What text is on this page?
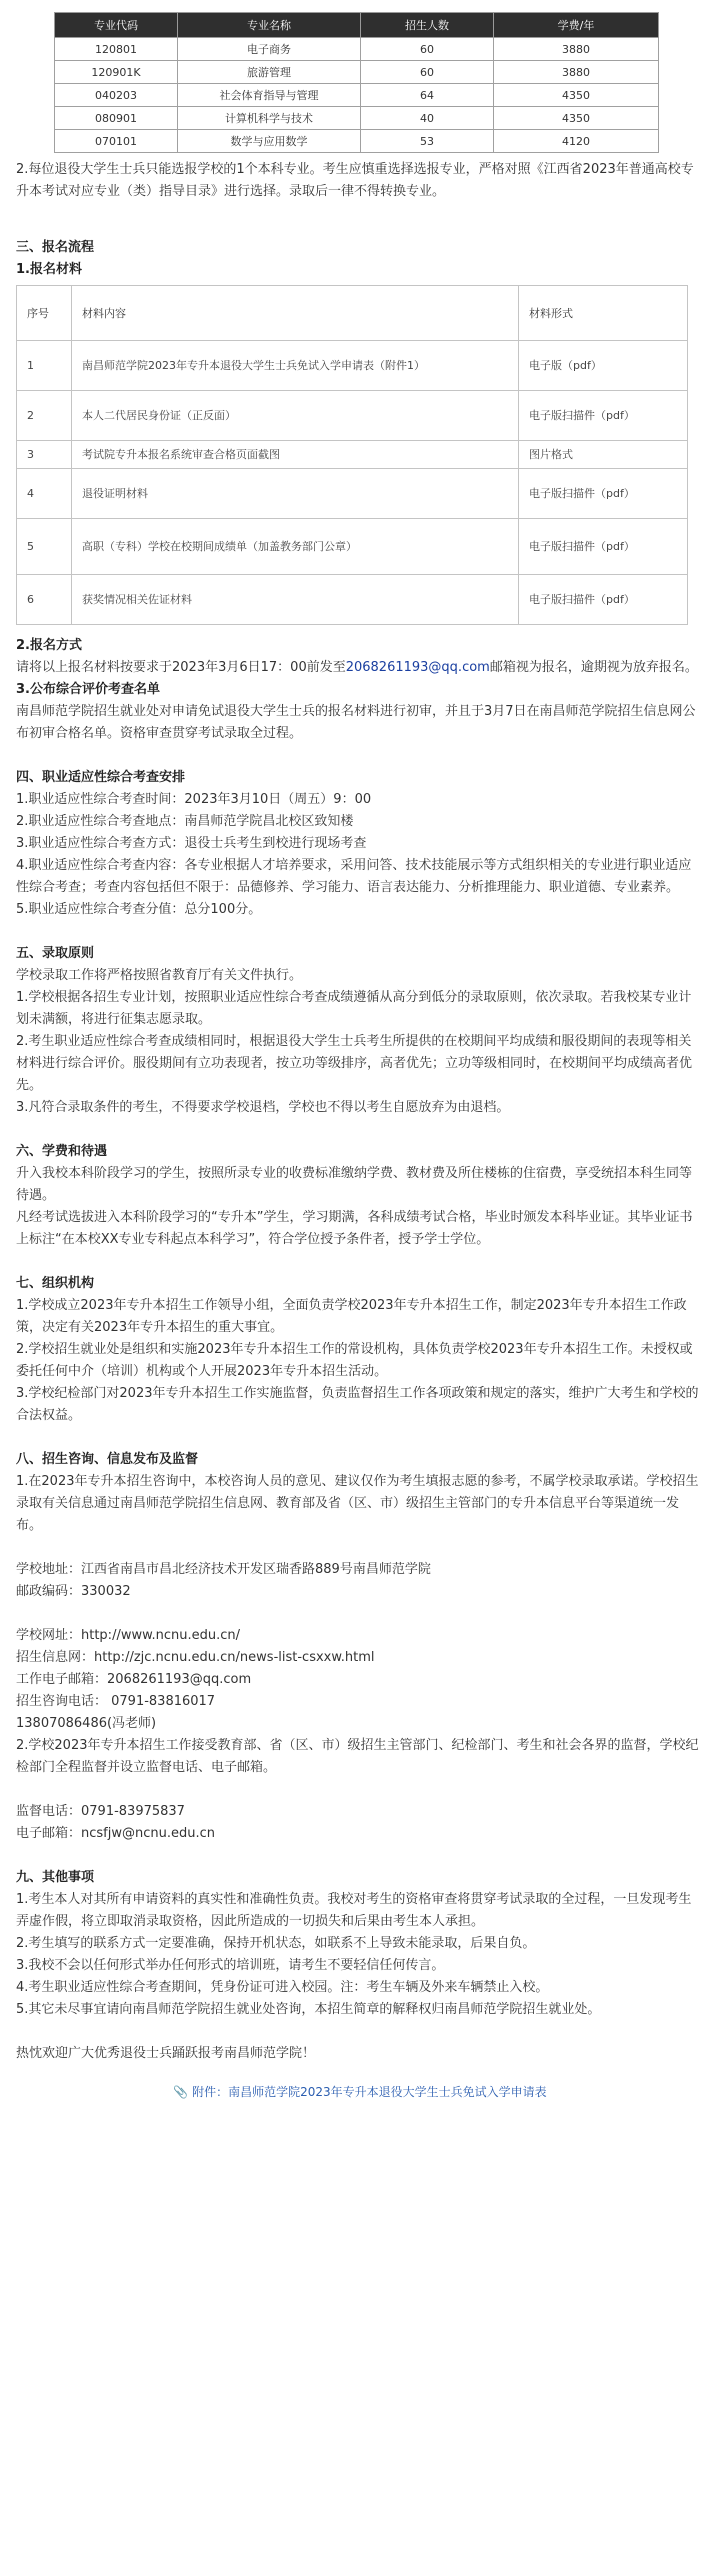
专业代码	专业名称	招生人数	学费/年
120801	电子商务	60	3880
120901K	旅游管理	60	3880
040203	社会体育指导与管理	64	4350
080901	计算机科学与技术	40	4350
070101	数学与应用数学	53	4120

2.每位退役大学生士兵只能选报学校的1个本科专业。考生应慎重选择选报专业，严格对照《江西省2023年普通高校专升本考试对应专业（类）指导目录》进行选择。录取后一律不得转换专业。

三、报名流程

1.报名材料

序号	材料内容	材料形式
1	南昌师范学院2023年专升本退役大学生士兵免试入学申请表（附件1）	电子版（pdf）
2	本人二代居民身份证（正反面）	电子版扫描件（pdf）
3	考试院专升本报名系统审查合格页面截图	图片格式
4	退役证明材料	电子版扫描件（pdf）
5	高职（专科）学校在校期间成绩单（加盖教务部门公章）	电子版扫描件（pdf）
6	获奖情况相关佐证材料	电子版扫描件（pdf）

2.报名方式

请将以上报名材料按要求于2023年3月6日17：00前发至2068261193@qq.com邮箱视为报名，逾期视为放弃报名。

3.公布综合评价考查名单

南昌师范学院招生就业处对申请免试退役大学生士兵的报名材料进行初审，并且于3月7日在南昌师范学院招生信息网公布初审合格名单。资格审查贯穿考试录取全过程。

四、职业适应性综合考查安排

1.职业适应性综合考查时间：2023年3月10日（周五）9：00

2.职业适应性综合考查地点：南昌师范学院昌北校区致知楼

3.职业适应性综合考查方式：退役士兵考生到校进行现场考查

4.职业适应性综合考查内容：各专业根据人才培养要求，采用问答、技术技能展示等方式组织相关的专业进行职业适应性综合考查；考查内容包括但不限于：品德修养、学习能力、语言表达能力、分析推理能力、职业道德、专业素养。

5.职业适应性综合考查分值：总分100分。

五、录取原则

学校录取工作将严格按照省教育厅有关文件执行。

1.学校根据各招生专业计划，按照职业适应性综合考查成绩遵循从高分到低分的录取原则，依次录取。若我校某专业计划未满额，将进行征集志愿录取。

2.考生职业适应性综合考查成绩相同时，根据退役大学生士兵考生所提供的在校期间平均成绩和服役期间的表现等相关材料进行综合评价。服役期间有立功表现者，按立功等级排序，高者优先；立功等级相同时，在校期间平均成绩高者优先。

3.凡符合录取条件的考生，不得要求学校退档，学校也不得以考生自愿放弃为由退档。

六、学费和待遇

升入我校本科阶段学习的学生，按照所录专业的收费标准缴纳学费、教材费及所住楼栋的住宿费，享受统招本科生同等待遇。

凡经考试选拔进入本科阶段学习的“专升本”学生，学习期满，各科成绩考试合格，毕业时颁发本科毕业证。其毕业证书上标注“在本校XX专业专科起点本科学习”，符合学位授予条件者，授予学士学位。

七、组织机构

1.学校成立2023年专升本招生工作领导小组，全面负责学校2023年专升本招生工作，制定2023年专升本招生工作政策，决定有关2023年专升本招生的重大事宜。

2.学校招生就业处是组织和实施2023年专升本招生工作的常设机构，具体负责学校2023年专升本招生工作。未授权或委托任何中介（培训）机构或个人开展2023年专升本招生活动。

3.学校纪检部门对2023年专升本招生工作实施监督，负责监督招生工作各项政策和规定的落实，维护广大考生和学校的合法权益。

八、招生咨询、信息发布及监督

1.在2023年专升本招生咨询中，本校咨询人员的意见、建议仅作为考生填报志愿的参考，不属学校录取承诺。学校招生录取有关信息通过南昌师范学院招生信息网、教育部及省（区、市）级招生主管部门的专升本信息平台等渠道统一发布。

学校地址：江西省南昌市昌北经济技术开发区瑞香路889号南昌师范学院

邮政编码：330032

学校网址：http://www.ncnu.edu.cn/

招生信息网：http://zjc.ncnu.edu.cn/news-list-csxxw.html

工作电子邮箱：2068261193@qq.com

招生咨询电话： 0791-83816017

13807086486(冯老师)

2.学校2023年专升本招生工作接受教育部、省（区、市）级招生主管部门、纪检部门、考生和社会各界的监督，学校纪检部门全程监督并设立监督电话、电子邮箱。

监督电话：0791-83975837

电子邮箱：ncsfjw@ncnu.edu.cn

九、其他事项

1.考生本人对其所有申请资料的真实性和准确性负责。我校对考生的资格审查将贯穿考试录取的全过程，一旦发现考生弄虚作假，将立即取消录取资格，因此所造成的一切损失和后果由考生本人承担。

2.考生填写的联系方式一定要准确，保持开机状态，如联系不上导致未能录取，后果自负。

3.我校不会以任何形式举办任何形式的培训班，请考生不要轻信任何传言。

4.考生职业适应性综合考查期间，凭身份证可进入校园。注：考生车辆及外来车辆禁止入校。

5.其它未尽事宜请向南昌师范学院招生就业处咨询，本招生简章的解释权归南昌师范学院招生就业处。

热忱欢迎广大优秀退役士兵踊跃报考南昌师范学院！

📎 附件：南昌师范学院2023年专升本退役大学生士兵免试入学申请表
